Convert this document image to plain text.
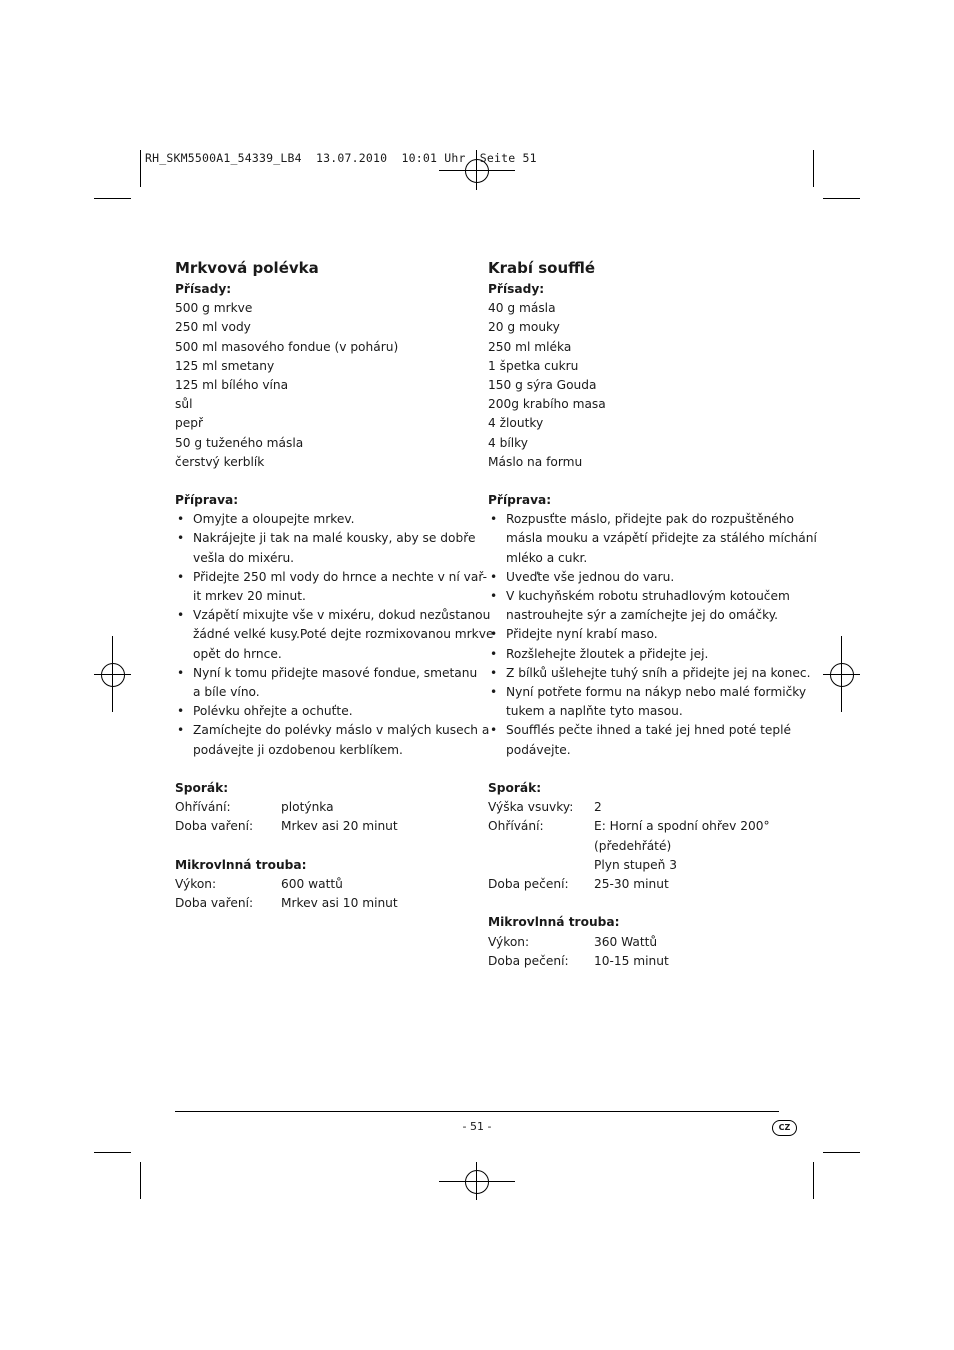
RH_SKM5500A1_54339_LB4  13.07.2010  10:01 Uhr  Seite 51
Mrkvová polévka
Přísady:
500 g mrkve
250 ml vody
500 ml masového fondue (v poháru)
125 ml smetany
125 ml bílého vína
sůl
pepř
50 g tuženého másla
čerstvý kerblík
Příprava:
• Omyjte a oloupejte mrkev.
• Nakrájejte ji tak na malé kousky, aby se dobře
vešla do mixéru.
• Přidejte 250 ml vody do hrnce a nechte v ní vař-
it mrkev 20 minut.
• Vzápětí mixujte vše v mixéru, dokud nezůstanou
žádné velké kusy.Poté dejte rozmixovanou mrkve
opět do hrnce.
• Nyní k tomu přidejte masové fondue, smetanu
a bíle víno.
• Polévku ohřejte a ochuťte.
• Zamíchejte do polévky máslo v malých kusech a
podávejte ji ozdobenou kerblíkem.
Sporák:
Ohřívání:	plotýnka
Doba vaření:	Mrkev asi 20 minut
Mikrovlnná trouba:
Výkon:	600 wattů
Doba vaření:	Mrkev asi 10 minut
Krabí soufflé
Přísady:
40 g másla
20 g mouky
250 ml mléka
1 špetka cukru
150 g sýra Gouda
200g krabího masa
4 žloutky
4 bílky
Máslo na formu
Příprava:
• Rozpusťte máslo, přidejte pak do rozpuštěného
másla mouku a vzápětí přidejte za stálého míchání
mléko a cukr.
• Uveďte vše jednou do varu.
• V kuchyňském robotu struhadlovým kotoučem
nastrouhejte sýr a zamíchejte jej do omáčky.
• Přidejte nyní krabí maso.
• Rozšlehejte žloutek a přidejte jej.
• Z bílků ušlehejte tuhý sníh a přidejte jej na konec.
• Nyní potřete formu na nákyp nebo malé formičky
tukem a naplňte tyto masou.
• Soufflés pečte ihned a také jej hned poté teplé
podávejte.
Sporák:
Výška vsuvky:	2
Ohřívání:	E: Horní a spodní ohřev 200°
(předehřáté)
Plyn stupeň 3
Doba pečení:	25-30 minut
Mikrovlnná trouba:
Výkon:	360 Wattů
Doba pečení:	10-15 minut
- 51 -	CZ
